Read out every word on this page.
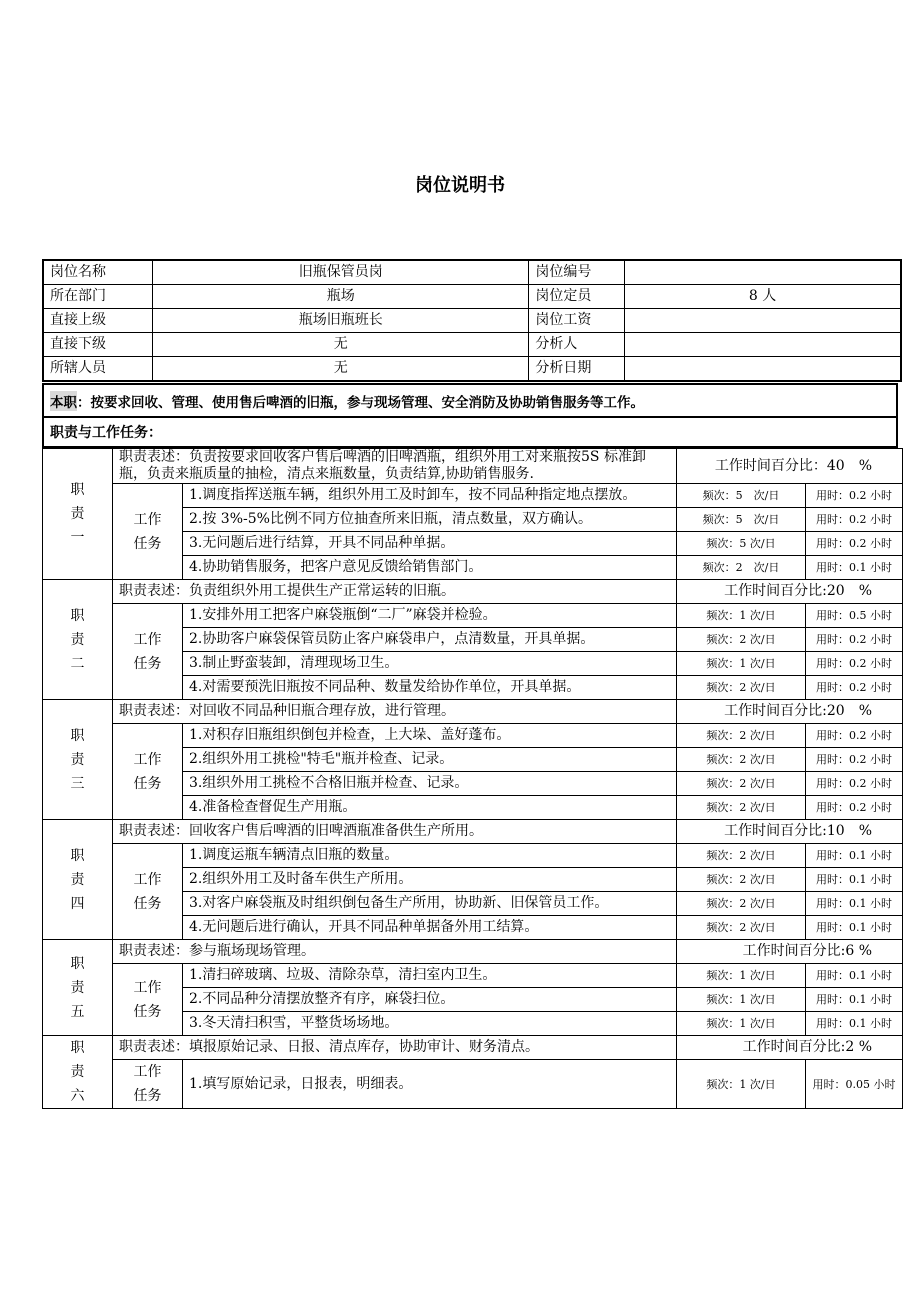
岗位说明书
岗位名称	旧瓶保管员岗	岗位编号	
所在部门	瓶场	岗位定员	8 人
直接上级	瓶场旧瓶班长	岗位工资	
直接下级	无	分析人	
所辖人员	无	分析日期	
本职 ：按要求回收、管理、使用售后啤酒的旧瓶，参与现场管理、安全消防及协助销售服务等工作。
职责与工作任务：
职
责
一	职责表述：负责按要求回收客户售后啤酒的旧啤酒瓶，组织外用工对来瓶按5S 标准卸瓶，负责来瓶质量的抽检，清点来瓶数量，负责结算,协助销售服务.		工作时间百分比：40　%	

	工作
任务	1.调度指挥送瓶车辆，组织外用工及时卸车，按不同品种指定地点摆放。	频次：5　次/日	用时：0.2 小时
		2.按 3%-5%比例不同方位抽查所来旧瓶，清点数量，双方确认。	频次：5　次/日	用时：0.2 小时
		3.无问题后进行结算，开具不同品种单据。	频次：5 次/日	用时：0.2 小时
		4.协助销售服务，把客户意见反馈给销售部门。	频次：2　次/日	用时：0.1 小时

职
责
二	职责表述：负责组织外用工提供生产正常运转的旧瓶。		工作时间百分比:20　%	

	工作
任务	1.安排外用工把客户麻袋瓶倒“二厂”麻袋并检验。	频次：1 次/日	用时：0.5 小时
		2.协助客户麻袋保管员防止客户麻袋串户，点清数量，开具单据。	频次：2 次/日	用时：0.2 小时
		3.制止野蛮装卸，清理现场卫生。	频次：1 次/日	用时：0.2 小时
		4.对需要预洗旧瓶按不同品种、数量发给协作单位，开具单据。	频次：2 次/日	用时：0.2 小时

职
责
三	职责表述：对回收不同品种旧瓶合理存放，进行管理。		工作时间百分比:20　%	

	工作
任务	1.对积存旧瓶组织倒包并检查，上大垛、盖好蓬布。	频次：2 次/日	用时：0.2 小时
		2.组织外用工挑检"特毛"瓶并检查、记录。	频次：2 次/日	用时：0.2 小时
		3.组织外用工挑检不合格旧瓶并检查、记录。	频次：2 次/日	用时：0.2 小时
		4.准备检查督促生产用瓶。	频次：2 次/日	用时：0.2 小时

职
责
四	职责表述：回收客户售后啤酒的旧啤酒瓶准备供生产所用。		工作时间百分比:10　%	

	工作
任务	1.调度运瓶车辆清点旧瓶的数量。	频次：2 次/日	用时：0.1 小时
		2.组织外用工及时备车供生产所用。	频次：2 次/日	用时：0.1 小时
		3.对客户麻袋瓶及时组织倒包备生产所用，协助新、旧保管员工作。	频次：2 次/日	用时：0.1 小时
		4.无问题后进行确认，开具不同品种单据备外用工结算。	频次：2 次/日	用时：0.1 小时

职
责
五	职责表述：参与瓶场现场管理。		工作时间百分比:6 %	

	工作
任务	1.清扫碎玻璃、垃圾、清除杂草，清扫室内卫生。	频次：1 次/日	用时：0.1 小时
		2.不同品种分清摆放整齐有序，麻袋扫位。	频次：1 次/日	用时：0.1 小时
		3.冬天清扫积雪，平整货场场地。	频次：1 次/日	用时：0.1 小时

职
责
六	职责表述：填报原始记录、日报、清点库存，协助审计、财务清点。		工作时间百分比:2 %	

	工作
任务	1.填写原始记录，日报表，明细表。	频次：1 次/日	用时：0.05 小时
